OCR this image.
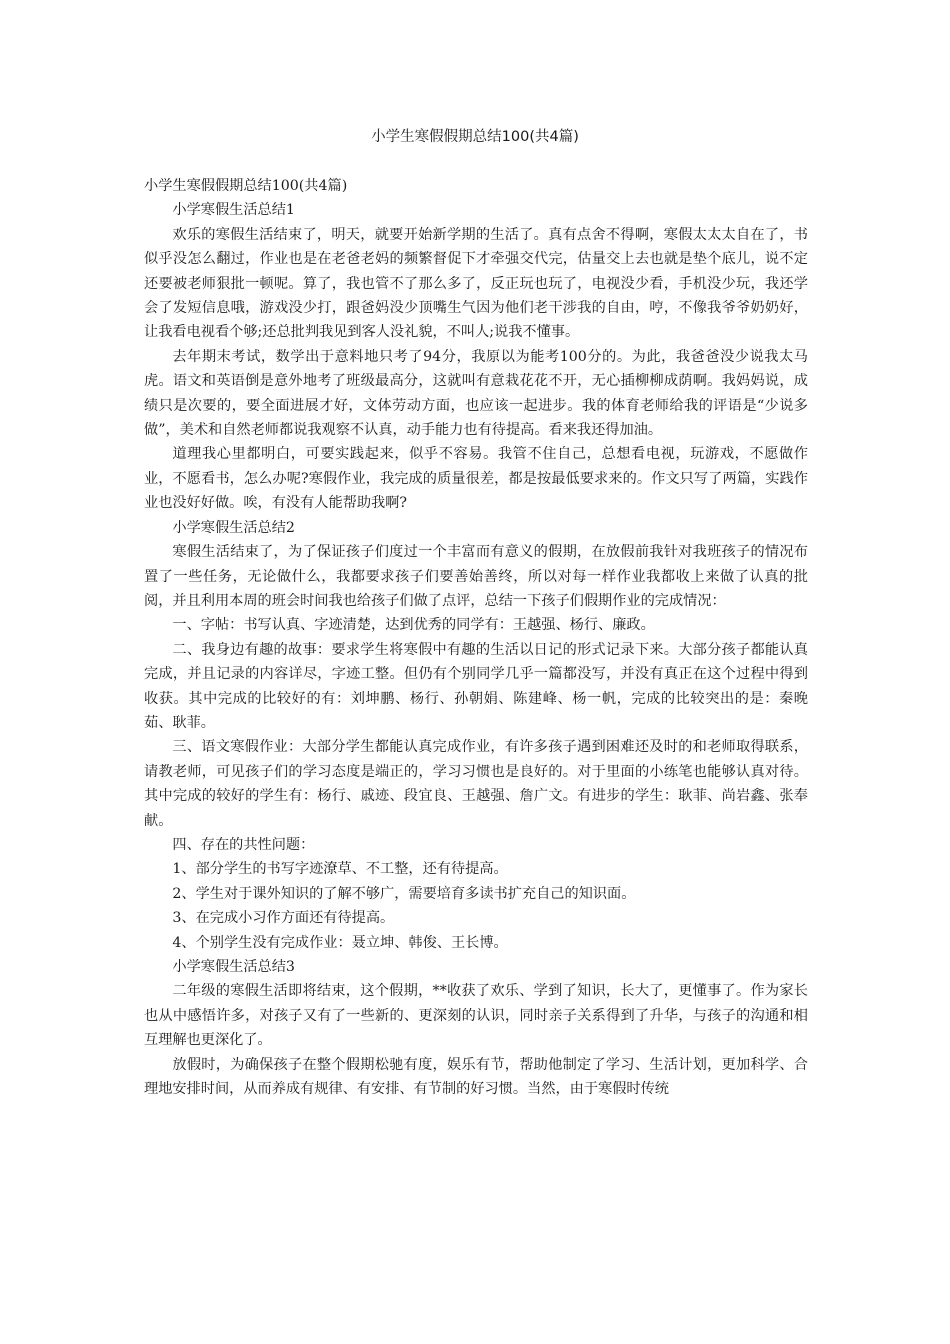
小学生寒假假期总结100(共4篇)

小学生寒假假期总结100(共4篇)

小学寒假生活总结1

欢乐的寒假生活结束了，明天，就要开始新学期的生活了。真有点舍不得啊，寒假太太太自在了，书似乎没怎么翻过，作业也是在老爸老妈的频繁督促下才牵强交代完，估量交上去也就是垫个底儿，说不定还要被老师狠批一顿呢。算了，我也管不了那么多了，反正玩也玩了，电视没少看，手机没少玩，我还学会了发短信息哦，游戏没少打，跟爸妈没少顶嘴生气因为他们老干涉我的自由，哼，不像我爷爷奶奶好，让我看电视看个够;还总批判我见到客人没礼貌，不叫人;说我不懂事。

去年期末考试，数学出于意料地只考了94分，我原以为能考100分的。为此，我爸爸没少说我太马虎。语文和英语倒是意外地考了班级最高分，这就叫有意栽花花不开，无心插柳柳成荫啊。我妈妈说，成绩只是次要的，要全面进展才好，文体劳动方面，也应该一起进步。我的体育老师给我的评语是“少说多做”，美术和自然老师都说我观察不认真，动手能力也有待提高。看来我还得加油。

道理我心里都明白，可要实践起来，似乎不容易。我管不住自己，总想看电视，玩游戏，不愿做作业，不愿看书，怎么办呢?寒假作业，我完成的质量很差，都是按最低要求来的。作文只写了两篇，实践作业也没好好做。唉，有没有人能帮助我啊?

小学寒假生活总结2

寒假生活结束了，为了保证孩子们度过一个丰富而有意义的假期，在放假前我针对我班孩子的情况布置了一些任务，无论做什么，我都要求孩子们要善始善终，所以对每一样作业我都收上来做了认真的批阅，并且利用本周的班会时间我也给孩子们做了点评，总结一下孩子们假期作业的完成情况：

一、字帖：书写认真、字迹清楚，达到优秀的同学有：王越强、杨行、廉政。

二、我身边有趣的故事：要求学生将寒假中有趣的生活以日记的形式记录下来。大部分孩子都能认真完成，并且记录的内容详尽，字迹工整。但仍有个别同学几乎一篇都没写，并没有真正在这个过程中得到收获。其中完成的比较好的有：刘坤鹏、杨行、孙朝娟、陈建峰、杨一帆，完成的比较突出的是：秦晚茹、耿菲。

三、语文寒假作业：大部分学生都能认真完成作业，有许多孩子遇到困难还及时的和老师取得联系，请教老师，可见孩子们的学习态度是端正的，学习习惯也是良好的。对于里面的小练笔也能够认真对待。其中完成的较好的学生有：杨行、戚迹、段宜良、王越强、詹广文。有进步的学生：耿菲、尚岩鑫、张奉献。

四、存在的共性问题：

1、部分学生的书写字迹潦草、不工整，还有待提高。

2、学生对于课外知识的了解不够广，需要培育多读书扩充自己的知识面。

3、在完成小习作方面还有待提高。

4、个别学生没有完成作业：聂立坤、韩俊、王长博。

小学寒假生活总结3

二年级的寒假生活即将结束，这个假期，**收获了欢乐、学到了知识，长大了，更懂事了。作为家长也从中感悟许多，对孩子又有了一些新的、更深刻的认识，同时亲子关系得到了升华，与孩子的沟通和相互理解也更深化了。

放假时，为确保孩子在整个假期松驰有度，娱乐有节，帮助他制定了学习、生活计划，更加科学、合理地安排时间，从而养成有规律、有安排、有节制的好习惯。当然，由于寒假时传统
